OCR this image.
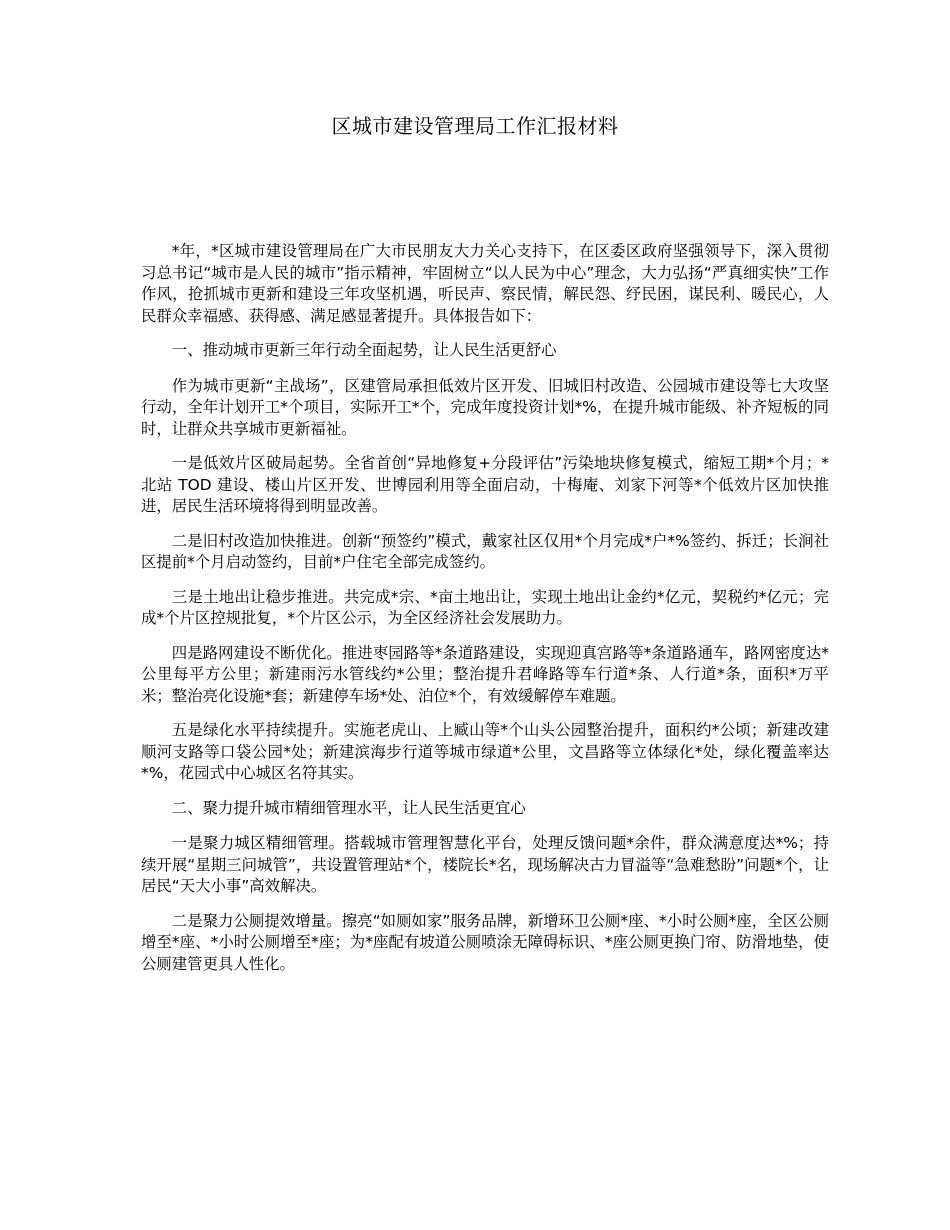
区城市建设管理局工作汇报材料

*年，*区城市建设管理局在广大市民朋友大力关心支持下，在区委区政府坚强领导下，深入贯彻习总书记“城市是人民的城市”指示精神，牢固树立“以人民为中心”理念，大力弘扬“严真细实快”工作作风，抢抓城市更新和建设三年攻坚机遇，听民声、察民情，解民怨、纾民困，谋民利、暖民心，人民群众幸福感、获得感、满足感显著提升。具体报告如下：

一、推动城市更新三年行动全面起势，让人民生活更舒心

作为城市更新“主战场”，区建管局承担低效片区开发、旧城旧村改造、公园城市建设等七大攻坚行动，全年计划开工*个项目，实际开工*个，完成年度投资计划*%，在提升城市能级、补齐短板的同时，让群众共享城市更新福祉。

一是低效片区破局起势。全省首创“异地修复+分段评估”污染地块修复模式，缩短工期*个月；*北站 TOD 建设、楼山片区开发、世博园利用等全面启动，十梅庵、刘家下河等*个低效片区加快推进，居民生活环境将得到明显改善。

二是旧村改造加快推进。创新“预签约”模式，戴家社区仅用*个月完成*户*%签约、拆迁；长涧社区提前*个月启动签约，目前*户住宅全部完成签约。

三是土地出让稳步推进。共完成*宗、*亩土地出让，实现土地出让金约*亿元，契税约*亿元；完成*个片区控规批复，*个片区公示，为全区经济社会发展助力。

四是路网建设不断优化。推进枣园路等*条道路建设，实现迎真宫路等*条道路通车，路网密度达*公里每平方公里；新建雨污水管线约*公里；整治提升君峰路等车行道*条、人行道*条，面积*万平米；整治亮化设施*套；新建停车场*处、泊位*个，有效缓解停车难题。

五是绿化水平持续提升。实施老虎山、上臧山等*个山头公园整治提升，面积约*公顷；新建改建顺河支路等口袋公园*处；新建滨海步行道等城市绿道*公里，文昌路等立体绿化*处，绿化覆盖率达*%，花园式中心城区名符其实。

二、聚力提升城市精细管理水平，让人民生活更宜心

一是聚力城区精细管理。搭载城市管理智慧化平台，处理反馈问题*余件，群众满意度达*%；持续开展“星期三问城管”，共设置管理站*个，楼院长*名，现场解决古力冒溢等“急难愁盼”问题*个，让居民“天大小事”高效解决。

二是聚力公厕提效增量。擦亮“如厕如家”服务品牌，新增环卫公厕*座、*小时公厕*座，全区公厕增至*座、*小时公厕增至*座；为*座配有坡道公厕喷涂无障碍标识、*座公厕更换门帘、防滑地垫，使公厕建管更具人性化。
